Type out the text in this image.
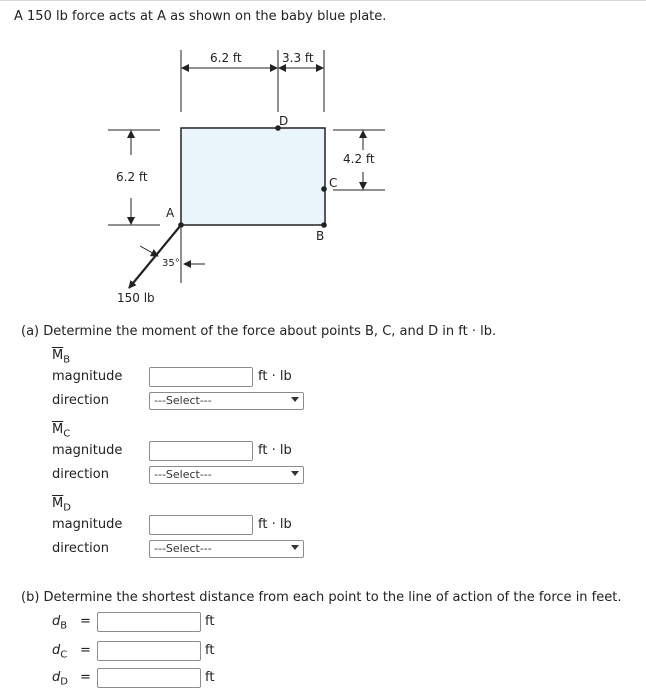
A 150 lb force acts at A as shown on the baby blue plate.
6.2 ft	3.3 ft
6.2 ft
4.2 ft
D
C
B
A
35°
150 lb
(a) Determine the moment of the force about points B, C, and D in ft · lb.
$\overline{M}_B$
magnitude	ft · lb
direction	---Select---
$\overline{M}_C$
magnitude	ft · lb
direction	---Select---
$\overline{M}_D$
magnitude	ft · lb
direction	---Select---
(b) Determine the shortest distance from each point to the line of action of the force in feet.
$d_B$ =	ft
$d_C$ =	ft
$d_D$ =	ft
